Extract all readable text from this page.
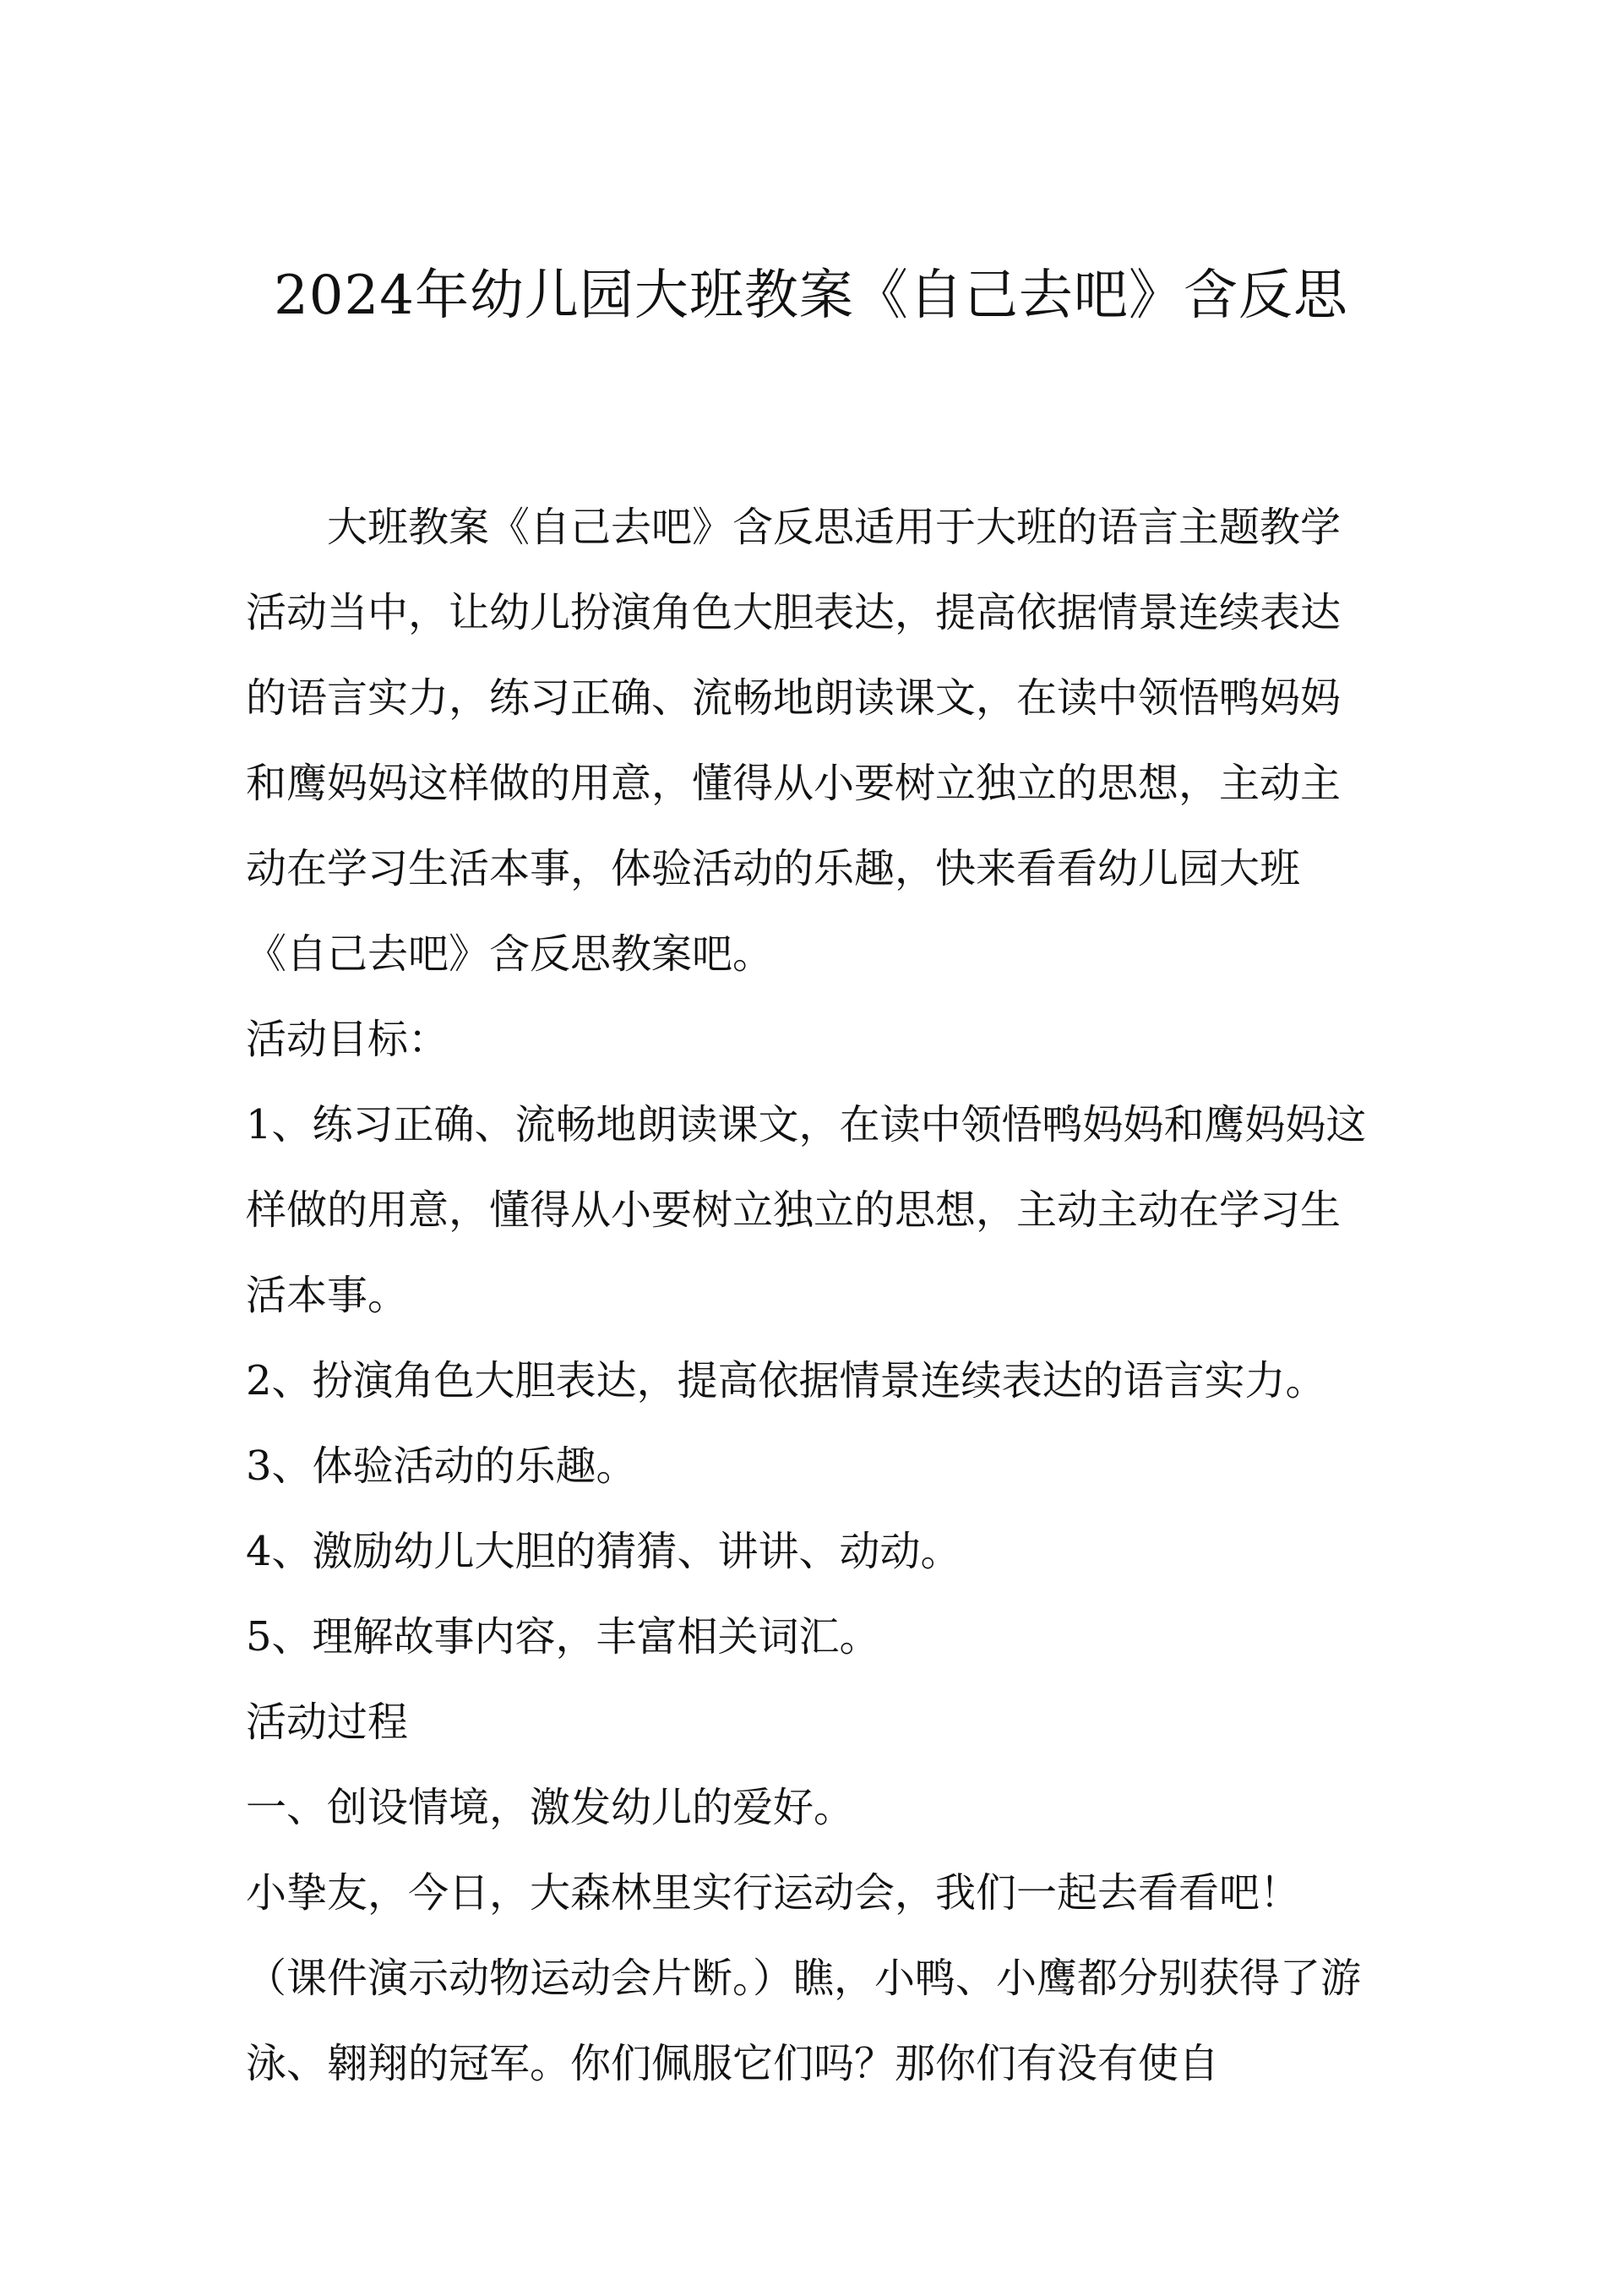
2024年幼儿园大班教案《自己去吧》含反思

大班教案《自己去吧》含反思适用于大班的语言主题教学活动当中，让幼儿扮演角色大胆表达，提高依据情景连续表达的语言实力，练习正确、流畅地朗读课文，在读中领悟鸭妈妈和鹰妈妈这样做的用意，懂得从小要树立独立的思想，主动主动在学习生活本事，体验活动的乐趣，快来看看幼儿园大班《自己去吧》含反思教案吧。

活动目标：

1、练习正确、流畅地朗读课文，在读中领悟鸭妈妈和鹰妈妈这样做的用意，懂得从小要树立独立的思想，主动主动在学习生活本事。

2、扮演角色大胆表达，提高依据情景连续表达的语言实力。

3、体验活动的乐趣。

4、激励幼儿大胆的猜猜、讲讲、动动。

5、理解故事内容，丰富相关词汇。

活动过程

一、创设情境，激发幼儿的爱好。

小挚友，今日，大森林里实行运动会，我们一起去看看吧！（课件演示动物运动会片断。）瞧，小鸭、小鹰都分别获得了游泳、翱翔的冠军。你们佩服它们吗？那你们有没有使自
